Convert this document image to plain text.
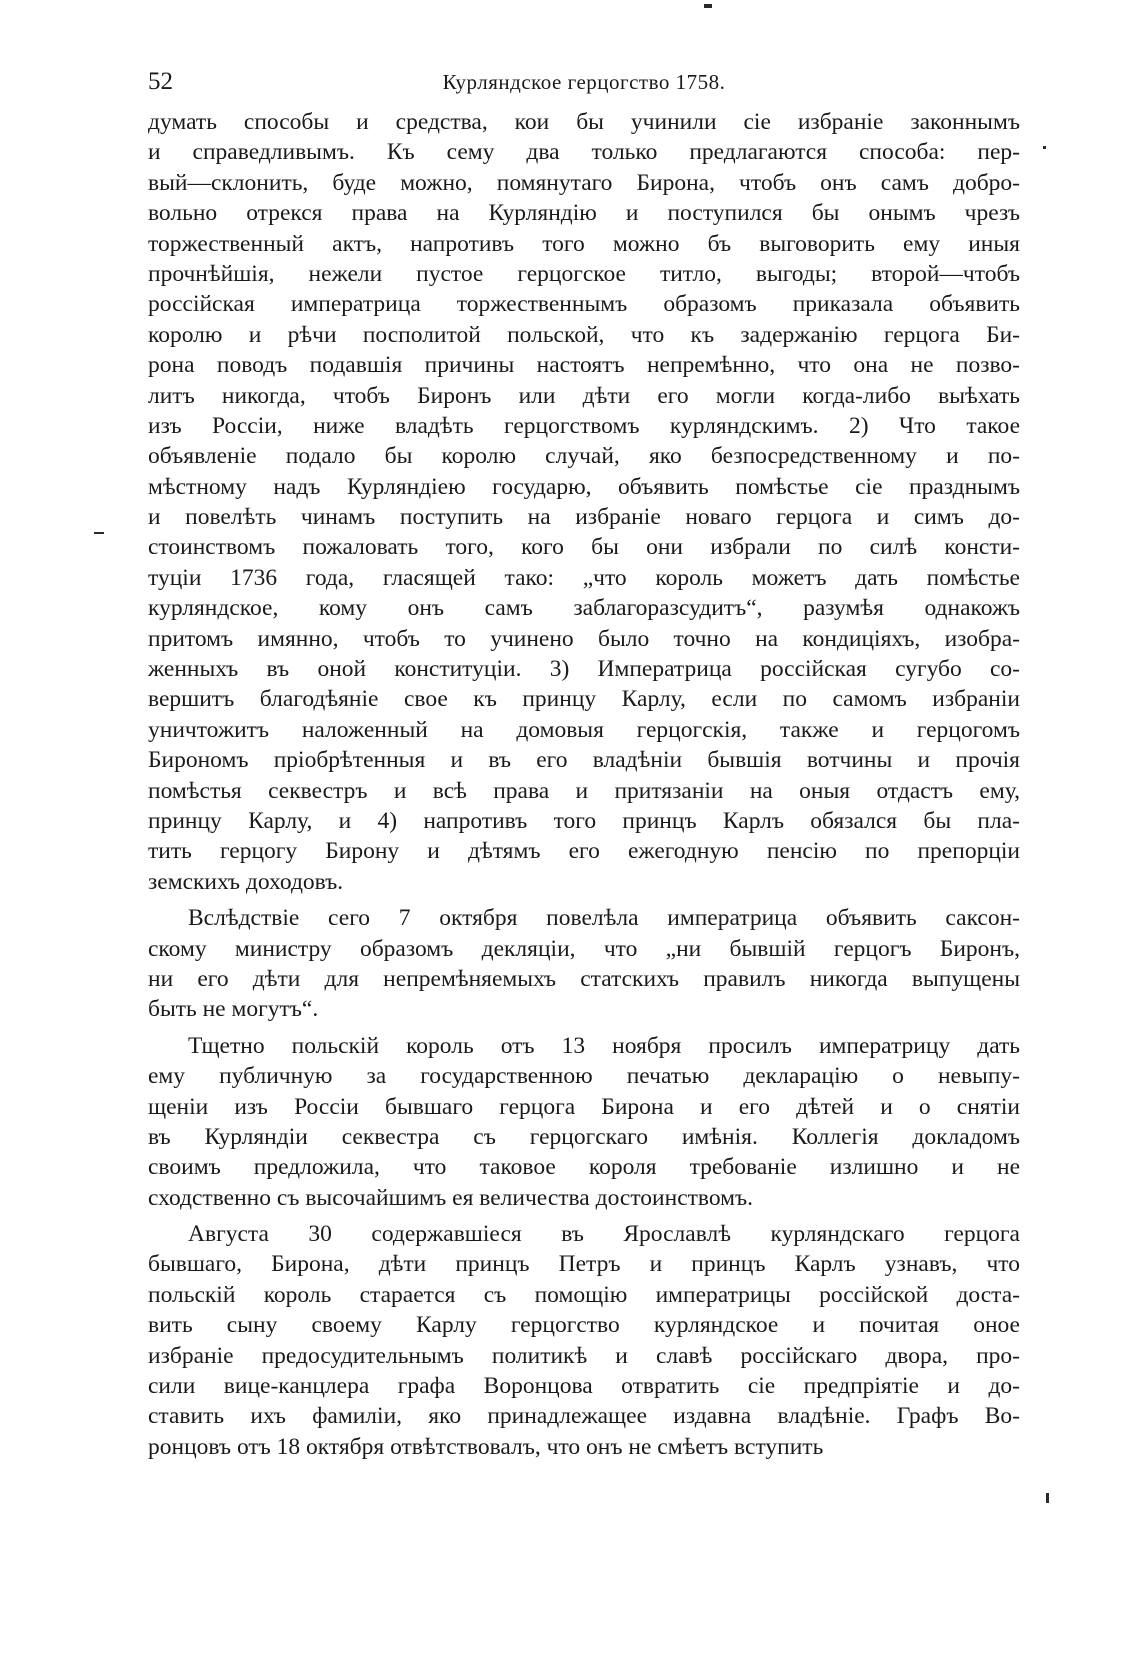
52	Курляндское герцогство 1758.
думать способы и средства, кои бы учинили сiе избранiе законнымъ
и справедливымъ. Къ сему два только предлагаются способа: пер-
вый—склонить, буде можно, помянутаго Бирона, чтобъ онъ самъ добро-
вольно отрекся права на Курляндiю и поступился бы онымъ чрезъ
торжественный актъ, напротивъ того можно бъ выговорить ему иныя
прочнѣйшiя, нежели пустое герцогское титло, выгоды; второй—чтобъ
россiйская императрица торжественнымъ образомъ приказала объявить
королю и рѣчи посполитой польской, что къ задержанiю герцога Би-
рона поводъ подавшiя причины настоятъ непремѣнно, что она не позво-
литъ никогда, чтобъ Биронъ или дѣти его могли когда-либо выѣхать
изъ Россiи, ниже владѣть герцогствомъ курляндскимъ. 2) Что такое
объявленiе подало бы королю случай, яко безпосредственному и по-
мѣстному надъ Курляндiею государю, объявить помѣстье сiе празднымъ
и повелѣть чинамъ поступить на избранiе новаго герцога и симъ до-
стоинствомъ пожаловать того, кого бы они избрали по силѣ консти-
туцiи 1736 года, гласящей тако: „что король можетъ дать помѣстье
курляндское, кому онъ самъ заблагоразсудитъ“, разумѣя однакожъ
притомъ имянно, чтобъ то учинено было точно на кондицiяхъ, изобра-
женныхъ въ оной конституцiи. 3) Императрица россiйская сугубо со-
вершитъ благодѣянiе свое къ принцу Карлу, если по самомъ избранiи
уничтожитъ наложенный на домовыя герцогскiя, также и герцогомъ
Бирономъ прiобрѣтенныя и въ его владѣнiи бывшiя вотчины и прочiя
помѣстья секвестръ и всѣ права и притязанiи на оныя отдастъ ему,
принцу Карлу, и 4) напротивъ того принцъ Карлъ обязался бы пла-
тить герцогу Бирону и дѣтямъ его ежегодную пенсiю по препорцiи
земскихъ доходовъ.
Вслѣдствiе сего 7 октября повелѣла императрица объявить саксон-
скому министру образомъ декляцiи, что „ни бывшiй герцогъ Биронъ,
ни его дѣти для непремѣняемыхъ статскихъ правилъ никогда выпущены
быть не могутъ“.
Тщетно польскiй король отъ 13 ноября просилъ императрицу дать
ему публичную за государственною печатью декларацiю о невыпу-
щенiи изъ Россiи бывшаго герцога Бирона и его дѣтей и о снятiи
въ Курляндiи секвестра съ герцогскаго имѣнiя. Коллегiя докладомъ
своимъ предложила, что таковое короля требованiе излишно и не
сходственно съ высочайшимъ ея величества достоинствомъ.
Августа 30 содержавшiеся въ Ярославлѣ курляндскаго герцога
бывшаго, Бирона, дѣти принцъ Петръ и принцъ Карлъ узнавъ, что
польскiй король старается съ помощiю императрицы россiйской доста-
вить сыну своему Карлу герцогство курляндское и почитая оное
избранiе предосудительнымъ политикѣ и славѣ россiйскаго двора, про-
сили вице-канцлера графа Воронцова отвратить сiе предпрiятiе и до-
ставить ихъ фамилiи, яко принадлежащее издавна владѣнiе. Графъ Во-
ронцовъ отъ 18 октября отвѣтствовалъ, что онъ не смѣетъ вступить
